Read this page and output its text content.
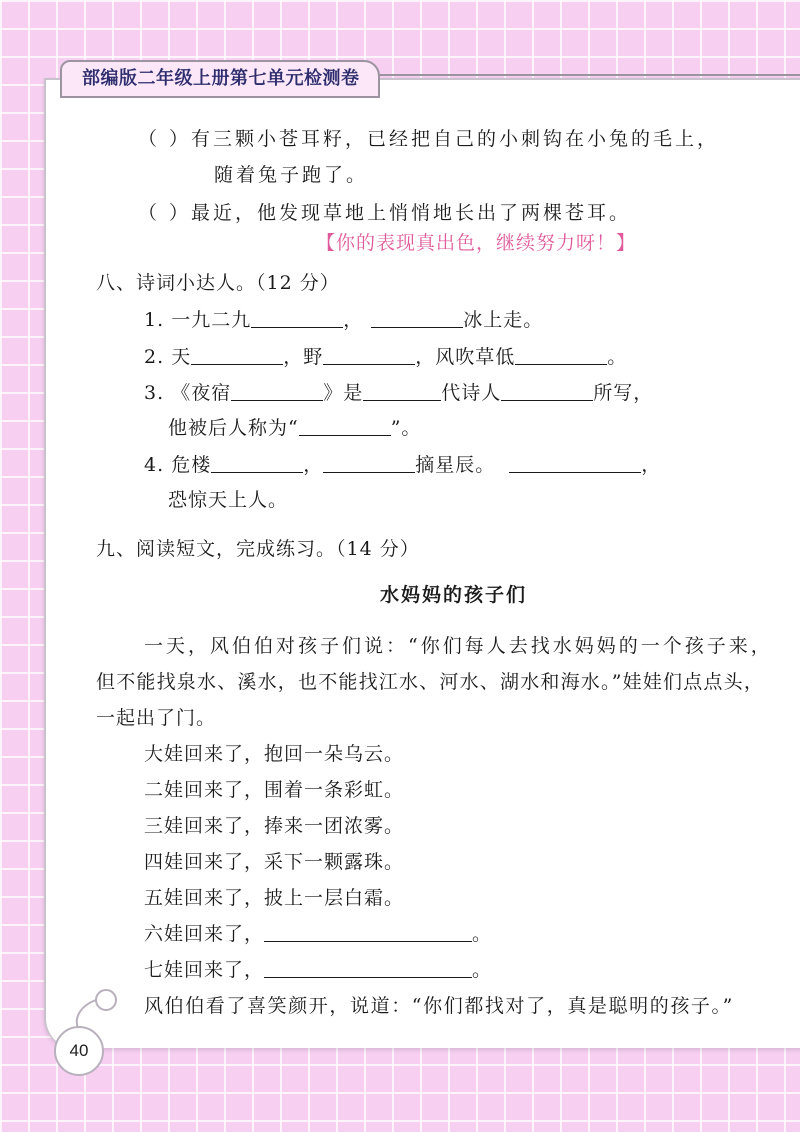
部编版二年级上册第七单元检测卷
（ ）有三颗小苍耳籽，已经把自己的小刺钩在小兔的毛上，
随着兔子跑了。
（ ）最近，他发现草地上悄悄地长出了两棵苍耳。
【你的表现真出色，继续努力呀！】
八、诗词小达人。（12 分）
1. 一九二九	，	冰上走。
2. 天	，野	，风吹草低	。
3. 《夜宿	》是	代诗人	所写，
他被后人称为“	”。
4. 危楼	，	摘星辰。	，
恐惊天上人。
九、阅读短文，完成练习。（14 分）
水妈妈的孩子们
一天，风伯伯对孩子们说：“你们每人去找水妈妈的一个孩子来，
但不能找泉水、溪水，也不能找江水、河水、湖水和海水。”娃娃们点点头，
一起出了门。
大娃回来了，抱回一朵乌云。
二娃回来了，围着一条彩虹。
三娃回来了，捧来一团浓雾。
四娃回来了，采下一颗露珠。
五娃回来了，披上一层白霜。
六娃回来了，	。
七娃回来了，	。
风伯伯看了喜笑颜开，说道：“你们都找对了，真是聪明的孩子。”
40
